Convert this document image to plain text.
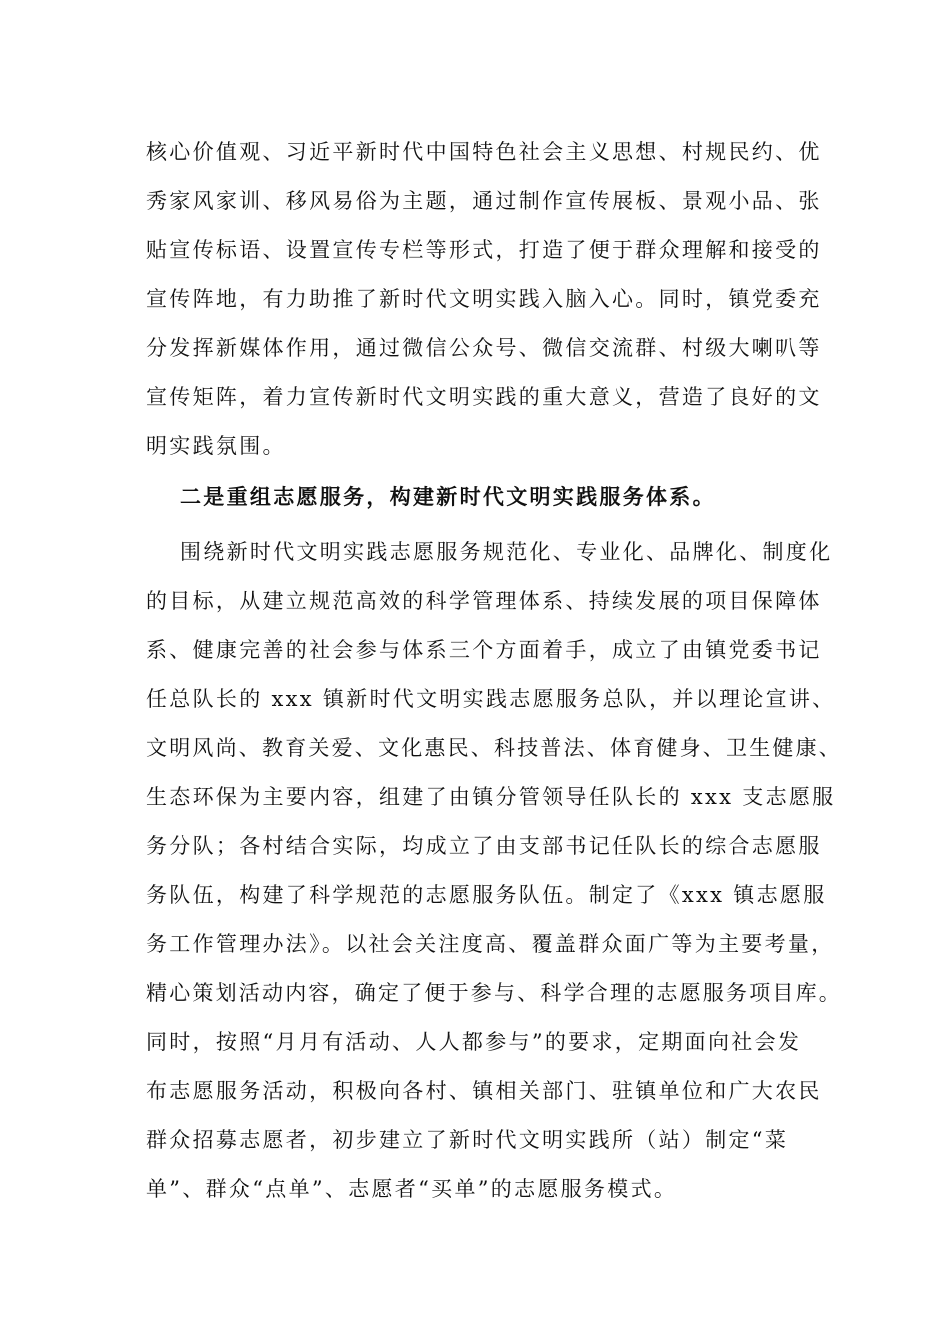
核心价值观、习近平新时代中国特色社会主义思想、村规民约、优
秀家风家训、移风易俗为主题，通过制作宣传展板、景观小品、张
贴宣传标语、设置宣传专栏等形式，打造了便于群众理解和接受的
宣传阵地，有力助推了新时代文明实践入脑入心。同时，镇党委充
分发挥新媒体作用，通过微信公众号、微信交流群、村级大喇叭等
宣传矩阵，着力宣传新时代文明实践的重大意义，营造了良好的文
明实践氛围。
二是重组志愿服务，构建新时代文明实践服务体系。
围绕新时代文明实践志愿服务规范化、专业化、品牌化、制度化
的目标，从建立规范高效的科学管理体系、持续发展的项目保障体
系、健康完善的社会参与体系三个方面着手，成立了由镇党委书记
任总队长的 xxx 镇新时代文明实践志愿服务总队，并以理论宣讲、
文明风尚、教育关爱、文化惠民、科技普法、体育健身、卫生健康、
生态环保为主要内容，组建了由镇分管领导任队长的 xxx 支志愿服
务分队；各村结合实际，均成立了由支部书记任队长的综合志愿服
务队伍，构建了科学规范的志愿服务队伍。制定了《xxx 镇志愿服
务工作管理办法》。以社会关注度高、覆盖群众面广等为主要考量，
精心策划活动内容，确定了便于参与、科学合理的志愿服务项目库。
同时，按照“月月有活动、人人都参与”的要求，定期面向社会发
布志愿服务活动，积极向各村、镇相关部门、驻镇单位和广大农民
群众招募志愿者，初步建立了新时代文明实践所（站）制定“菜
单”、群众“点单”、志愿者“买单”的志愿服务模式。
